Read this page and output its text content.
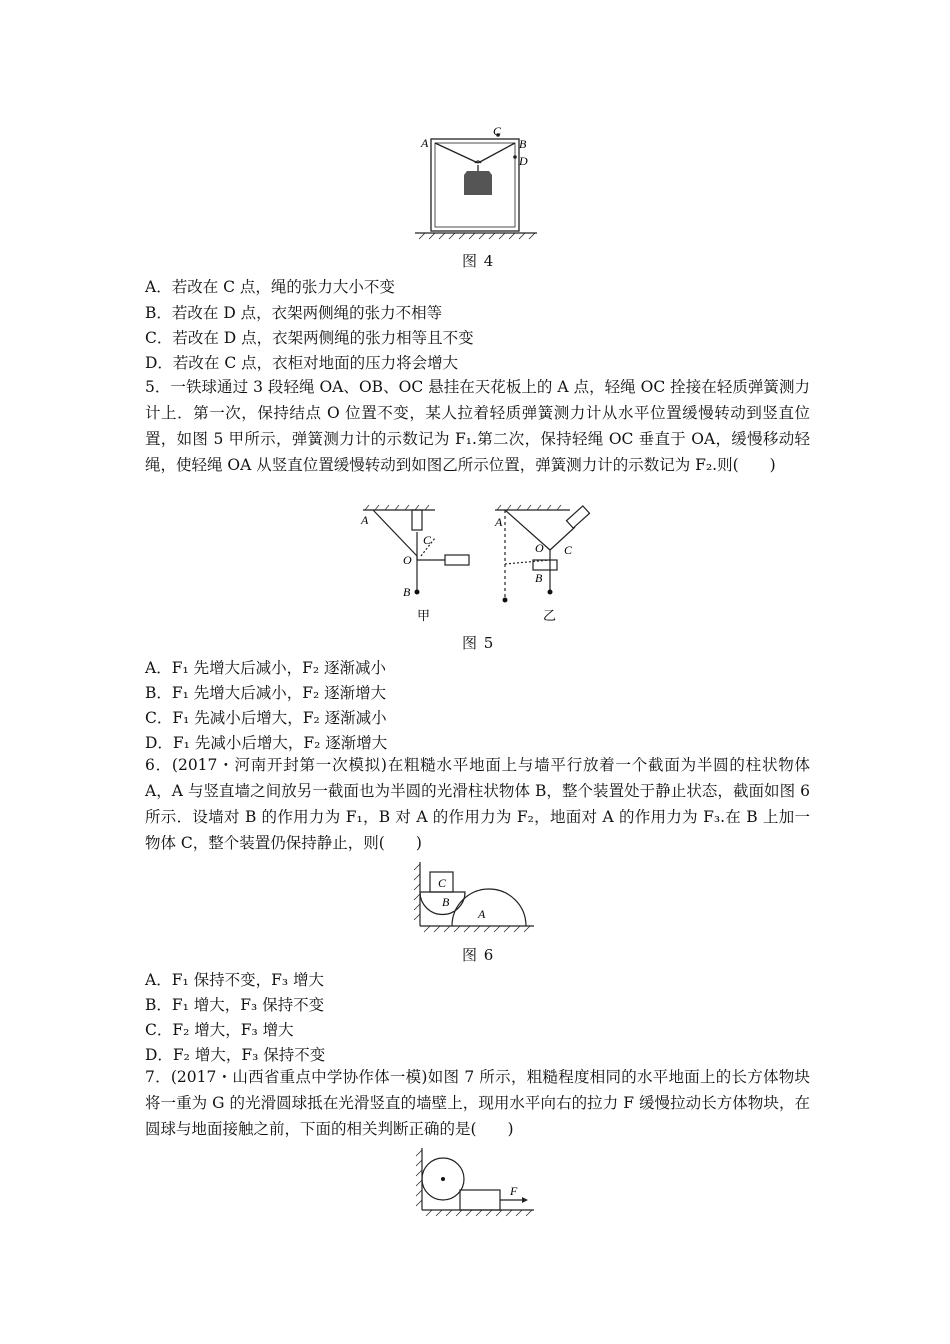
A
C
B
D
图 4
A．若改在 C 点，绳的张力大小不变
B．若改在 D 点，衣架两侧绳的张力不相等
C．若改在 D 点，衣架两侧绳的张力相等且不变
D．若改在 C 点，衣柜对地面的压力将会增大
5．一铁球通过 3 段轻绳 OA、OB、OC 悬挂在天花板上的 A 点，轻绳 OC 拴接在轻质弹簧测力计上．第一次，保持结点 O 位置不变，某人拉着轻质弹簧测力计从水平位置缓慢转动到竖直位置，如图 5 甲所示，弹簧测力计的示数记为 F₁.第二次，保持轻绳 OC 垂直于 OA，缓慢移动轻绳，使轻绳 OA 从竖直位置缓慢转动到如图乙所示位置，弹簧测力计的示数记为 F₂.则(　　)
A
C
O
B
A
O C
B
甲	乙
图 5
A．F₁ 先增大后减小，F₂ 逐渐减小
B．F₁ 先增大后减小，F₂ 逐渐增大
C．F₁ 先减小后增大，F₂ 逐渐减小
D．F₁ 先减小后增大，F₂ 逐渐增大
6．(2017・河南开封第一次模拟)在粗糙水平地面上与墙平行放着一个截面为半圆的柱状物体 A，A 与竖直墙之间放另一截面也为半圆的光滑柱状物体 B，整个装置处于静止状态，截面如图 6 所示．设墙对 B 的作用力为 F₁，B 对 A 的作用力为 F₂，地面对 A 的作用力为 F₃.在 B 上加一物体 C，整个装置仍保持静止，则(　　)
C
B
A
图 6
A．F₁ 保持不变，F₃ 增大
B．F₁ 增大，F₃ 保持不变
C．F₂ 增大，F₃ 增大
D．F₂ 增大，F₃ 保持不变
7．(2017・山西省重点中学协作体一模)如图 7 所示，粗糙程度相同的水平地面上的长方体物块将一重为 G 的光滑圆球抵在光滑竖直的墙壁上，现用水平向右的拉力 F 缓慢拉动长方体物块，在圆球与地面接触之前，下面的相关判断正确的是(　　)
F
